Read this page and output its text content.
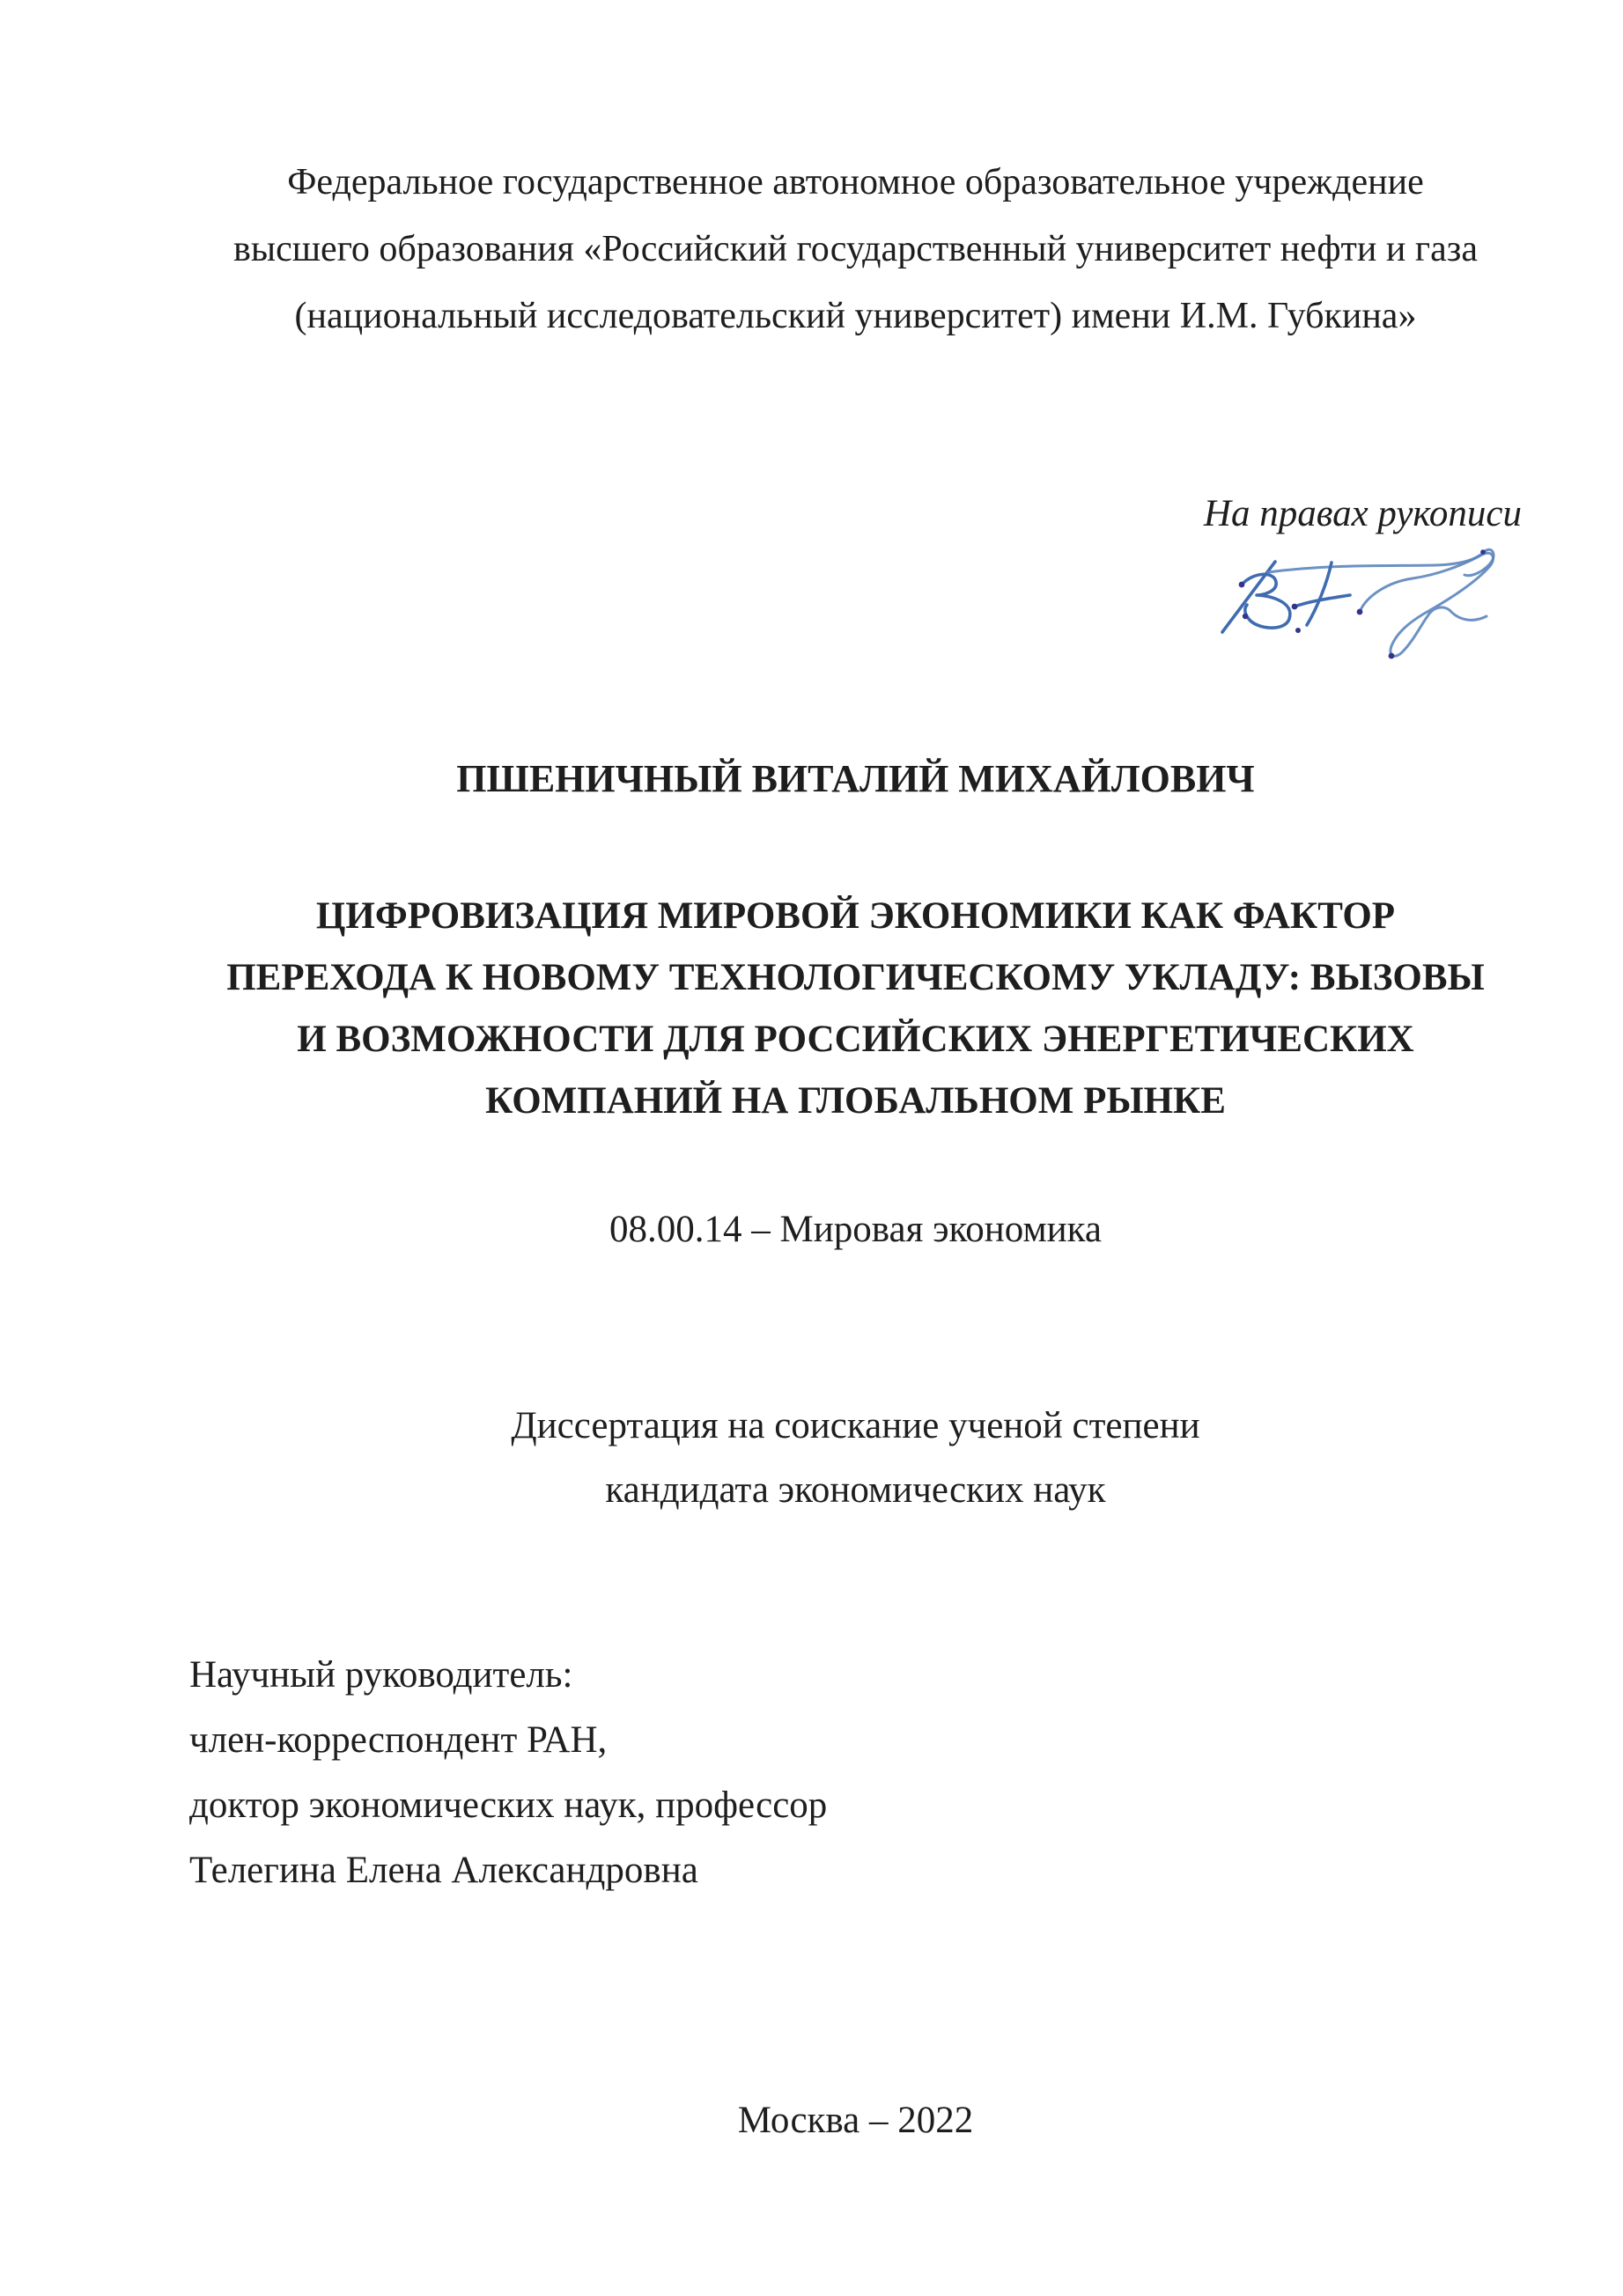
Федеральное государственное автономное образовательное учреждение
высшего образования «Российский государственный университет нефти и газа
(национальный исследовательский университет) имени И.М. Губкина»
На правах рукописи
ПШЕНИЧНЫЙ ВИТАЛИЙ МИХАЙЛОВИЧ
ЦИФРОВИЗАЦИЯ МИРОВОЙ ЭКОНОМИКИ КАК ФАКТОР
ПЕРЕХОДА К НОВОМУ ТЕХНОЛОГИЧЕСКОМУ УКЛАДУ: ВЫЗОВЫ
И ВОЗМОЖНОСТИ ДЛЯ РОССИЙСКИХ ЭНЕРГЕТИЧЕСКИХ
КОМПАНИЙ НА ГЛОБАЛЬНОМ РЫНКЕ
08.00.14 – Мировая экономика
Диссертация на соискание ученой степени
кандидата экономических наук
Научный руководитель:
член-корреспондент РАН,
доктор экономических наук, профессор
Телегина Елена Александровна
Москва – 2022
